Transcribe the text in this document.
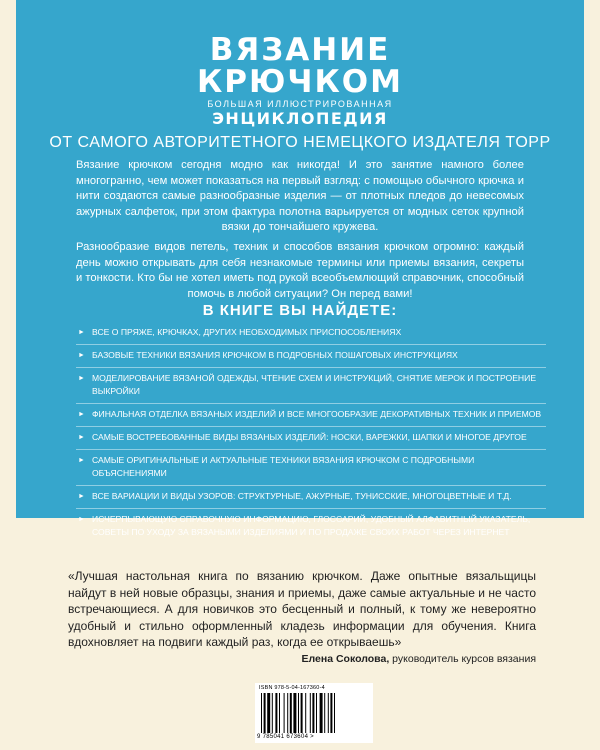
ВЯЗАНИЕ
КРЮЧКОМ
БОЛЬШАЯ ИЛЛЮСТРИРОВАННАЯ
ЭНЦИКЛОПЕДИЯ
ОТ САМОГО АВТОРИТЕТНОГО НЕМЕЦКОГО ИЗДАТЕЛЯ TOPP
Вязание крючком сегодня модно как никогда! И это занятие намного более многогранно, чем может показаться на первый взгляд: с помощью обычного крючка и нити создаются самые разнообразные изделия — от плотных пледов до невесомых ажурных салфеток, при этом фактура полотна варьируется от модных сеток крупной вязки до тончайшего кружева.
Разнообразие видов петель, техник и способов вязания крючком огромно: каждый день можно открывать для себя незнакомые термины или приемы вязания, секреты и тонкости. Кто бы не хотел иметь под рукой всеобъемлющий справочник, способный помочь в любой ситуации? Он перед вами!
В КНИГЕ ВЫ НАЙДЕТЕ:
► ВСЕ О ПРЯЖЕ, КРЮЧКАХ, ДРУГИХ НЕОБХОДИМЫХ ПРИСПОСОБЛЕНИЯХ
► БАЗОВЫЕ ТЕХНИКИ ВЯЗАНИЯ КРЮЧКОМ В ПОДРОБНЫХ ПОШАГОВЫХ ИНСТРУКЦИЯХ
► МОДЕЛИРОВАНИЕ ВЯЗАНОЙ ОДЕЖДЫ, ЧТЕНИЕ СХЕМ И ИНСТРУКЦИЙ, СНЯТИЕ МЕРОК И ПОСТРОЕНИЕ ВЫКРОЙКИ
► ФИНАЛЬНАЯ ОТДЕЛКА ВЯЗАНЫХ ИЗДЕЛИЙ И ВСЕ МНОГООБРАЗИЕ ДЕКОРАТИВНЫХ ТЕХНИК И ПРИЕМОВ
► САМЫЕ ВОСТРЕБОВАННЫЕ ВИДЫ ВЯЗАНЫХ ИЗДЕЛИЙ: НОСКИ, ВАРЕЖКИ, ШАПКИ И МНОГОЕ ДРУГОЕ
► САМЫЕ ОРИГИНАЛЬНЫЕ И АКТУАЛЬНЫЕ ТЕХНИКИ ВЯЗАНИЯ КРЮЧКОМ С ПОДРОБНЫМИ ОБЪЯСНЕНИЯМИ
► ВСЕ ВАРИАЦИИ И ВИДЫ УЗОРОВ: СТРУКТУРНЫЕ, АЖУРНЫЕ, ТУНИССКИЕ, МНОГОЦВЕТНЫЕ И Т.Д.
► ИСЧЕРПЫВАЮЩУЮ СПРАВОЧНУЮ ИНФОРМАЦИЮ, ГЛОССАРИЙ, УДОБНЫЙ АЛФАВИТНЫЙ УКАЗАТЕЛЬ, СОВЕТЫ ПО УХОДУ ЗА ВЯЗАНЫМИ ИЗДЕЛИЯМИ И ПО ПРОДАЖЕ СВОИХ РАБОТ ЧЕРЕЗ ИНТЕРНЕТ
«Лучшая настольная книга по вязанию крючком. Даже опытные вязальщицы найдут в ней новые образцы, знания и приемы, даже самые актуальные и не часто встречающиеся. А для новичков это бесценный и полный, к тому же невероятно удобный и стильно оформленный кладезь информации для обучения. Книга вдохновляет на подвиги каждый раз, когда ее открываешь»
Елена Соколова, руководитель курсов вязания
ISBN 978-5-04-167360-4
9 785041 673604 >
